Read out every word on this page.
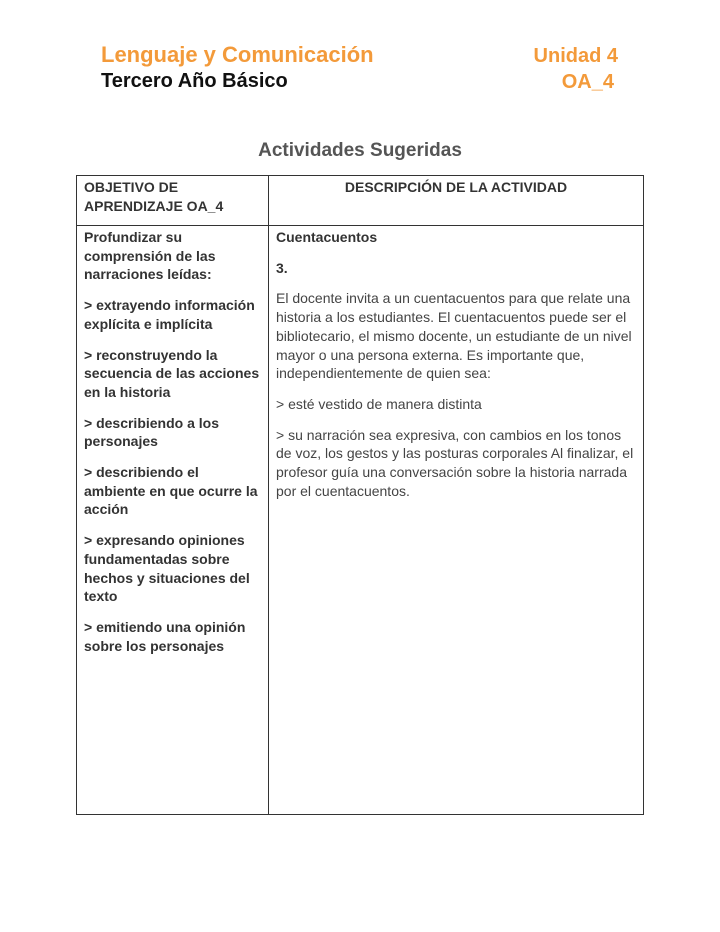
Lenguaje y Comunicación
Tercero Año Básico
Unidad 4
OA_4
Actividades Sugeridas
OBJETIVO DE APRENDIZAJE OA_4
DESCRIPCIÓN DE LA ACTIVIDAD

Profundizar su comprensión de las narraciones leídas:

> extrayendo información explícita e implícita

> reconstruyendo la secuencia de las acciones en la historia

> describiendo a los personajes

> describiendo el ambiente en que ocurre la acción

> expresando opiniones fundamentadas sobre hechos y situaciones del texto

> emitiendo una opinión sobre los personajes

Cuentacuentos

3.

El docente invita a un cuentacuentos para que relate una historia a los estudiantes. El cuentacuentos puede ser el bibliotecario, el mismo docente, un estudiante de un nivel mayor o una persona externa. Es importante que, independientemente de quien sea:

> esté vestido de manera distinta

> su narración sea expresiva, con cambios en los tonos de voz, los gestos y las posturas corporales Al finalizar, el profesor guía una conversación sobre la historia narrada por el cuentacuentos.
